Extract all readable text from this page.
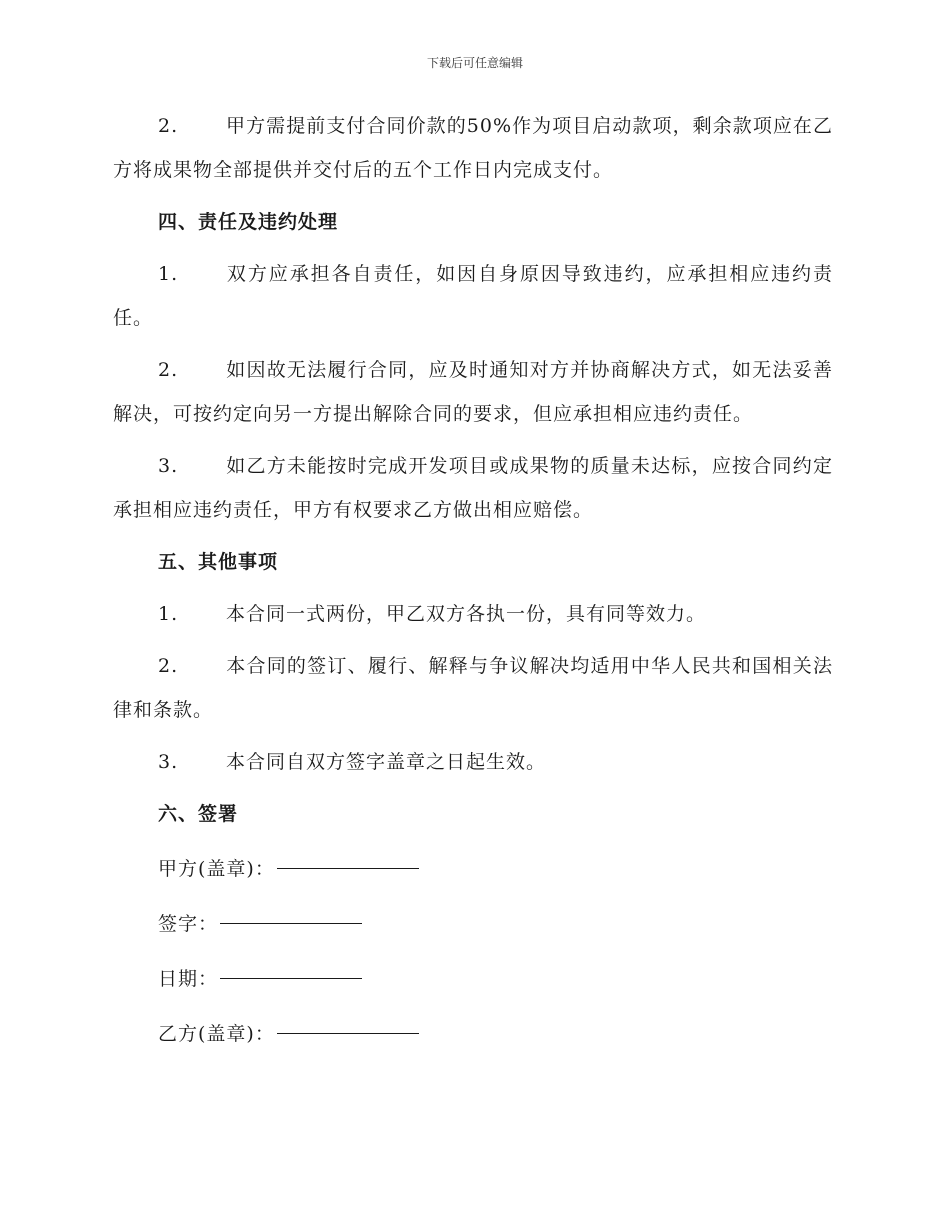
下载后可任意编辑

2.	甲方需提前支付合同价款的50%作为项目启动款项，剩余款项应在乙方将成果物全部提供并交付后的五个工作日内完成支付。

四、责任及违约处理

1.	双方应承担各自责任，如因自身原因导致违约，应承担相应违约责任。

2.	如因故无法履行合同，应及时通知对方并协商解决方式，如无法妥善解决，可按约定向另一方提出解除合同的要求，但应承担相应违约责任。

3.	如乙方未能按时完成开发项目或成果物的质量未达标，应按合同约定承担相应违约责任，甲方有权要求乙方做出相应赔偿。

五、其他事项

1.	本合同一式两份，甲乙双方各执一份，具有同等效力。

2.	本合同的签订、履行、解释与争议解决均适用中华人民共和国相关法律和条款。

3.	本合同自双方签字盖章之日起生效。

六、签署
甲方(盖章)：
签字：
日期：
乙方(盖章)：
